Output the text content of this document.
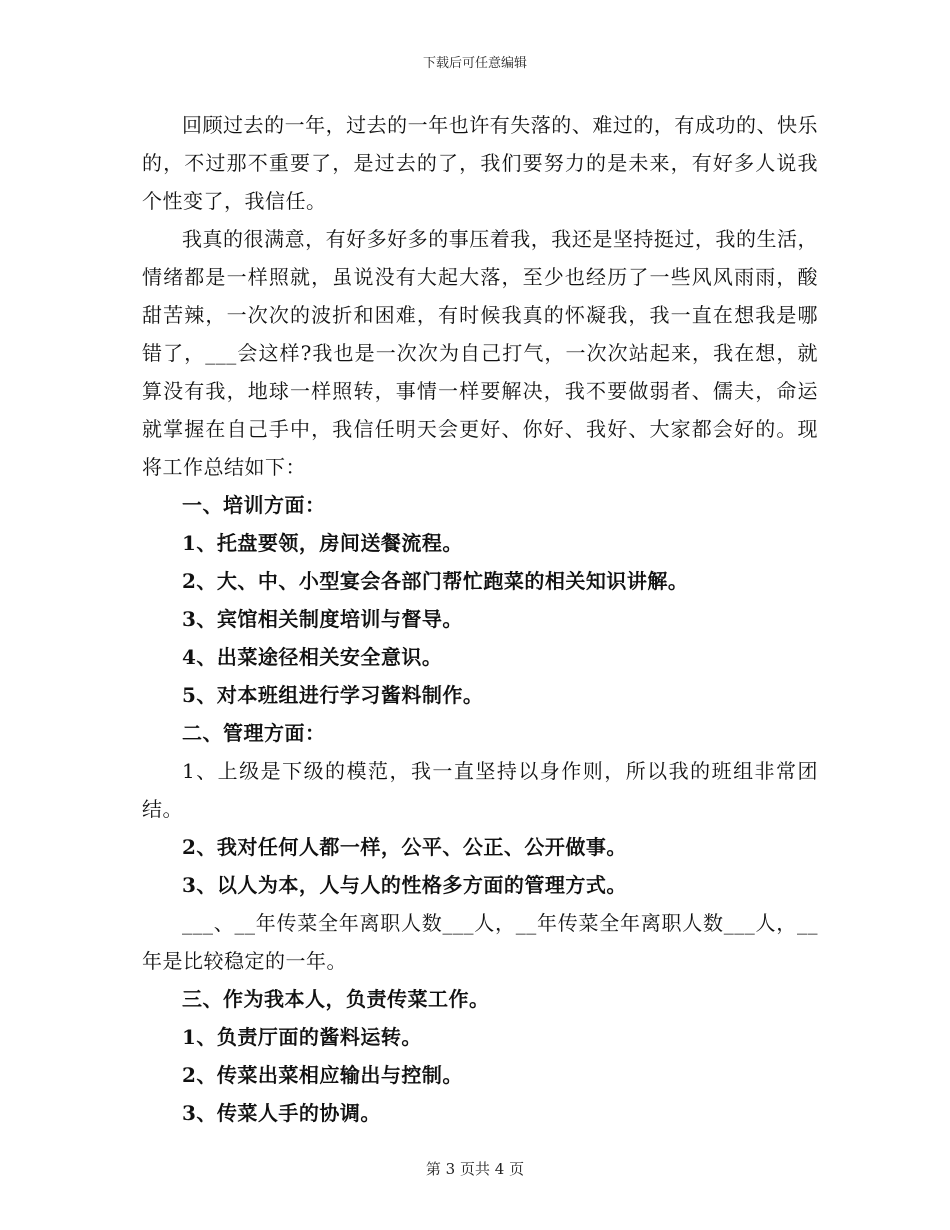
下载后可任意编辑

回顾过去的一年，过去的一年也许有失落的、难过的，有成功的、快乐的，不过那不重要了，是过去的了，我们要努力的是未来，有好多人说我个性变了，我信任。

我真的很满意，有好多好多的事压着我，我还是坚持挺过，我的生活，情绪都是一样照就，虽说没有大起大落，至少也经历了一些风风雨雨，酸甜苦辣，一次次的波折和困难，有时候我真的怀凝我，我一直在想我是哪错了，___会这样?我也是一次次为自己打气，一次次站起来，我在想，就算没有我，地球一样照转，事情一样要解决，我不要做弱者、儒夫，命运就掌握在自己手中，我信任明天会更好、你好、我好、大家都会好的。现将工作总结如下：

一、培训方面：

1、托盘要领，房间送餐流程。

2、大、中、小型宴会各部门帮忙跑菜的相关知识讲解。

3、宾馆相关制度培训与督导。

4、出菜途径相关安全意识。

5、对本班组进行学习酱料制作。

二、管理方面：

1、上级是下级的模范，我一直坚持以身作则，所以我的班组非常团结。

2、我对任何人都一样，公平、公正、公开做事。

3、以人为本，人与人的性格多方面的管理方式。

___、__年传菜全年离职人数___人，__年传菜全年离职人数___人，__年是比较稳定的一年。

三、作为我本人，负责传菜工作。

1、负责厅面的酱料运转。

2、传菜出菜相应输出与控制。

3、传菜人手的协调。

第 3 页共 4 页
